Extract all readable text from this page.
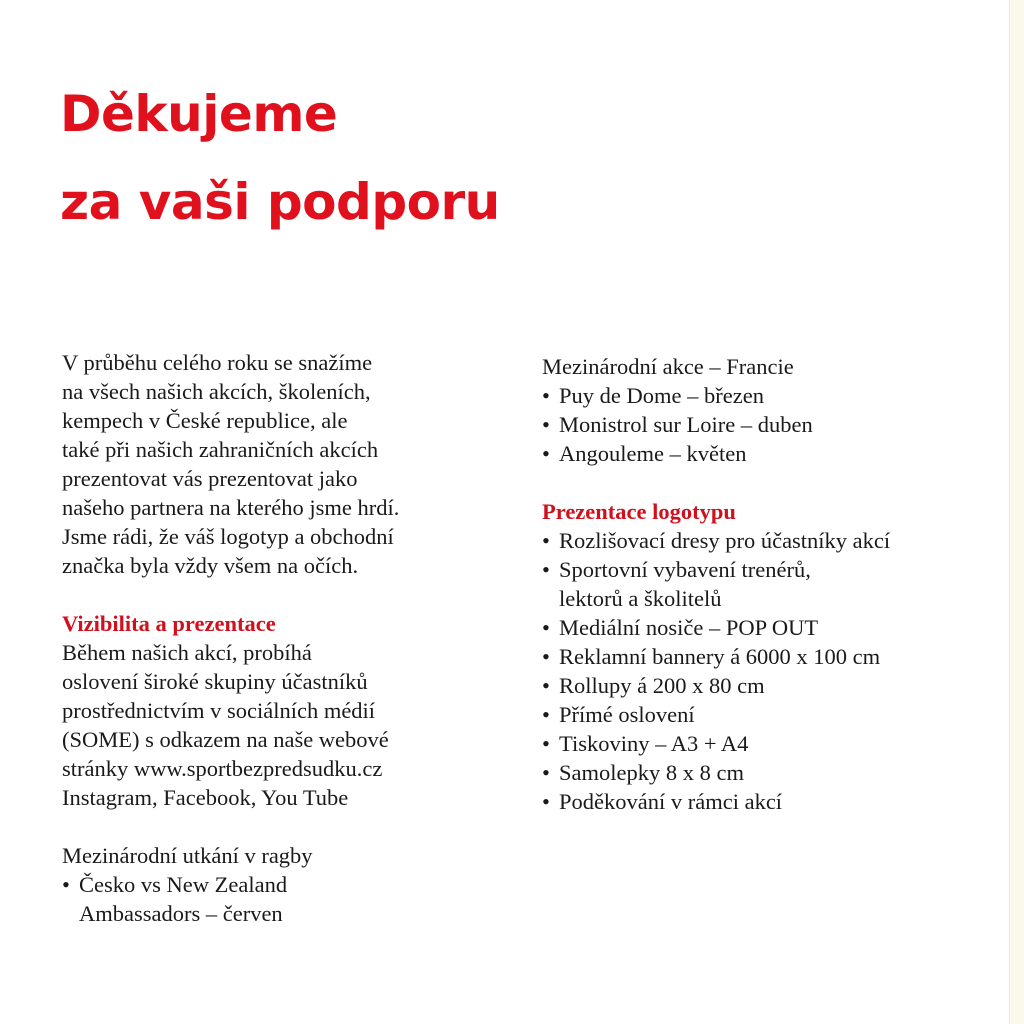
Děkujeme
za vaši podporu
V průběhu celého roku se snažíme
na všech našich akcích, školeních,
kempech v České republice, ale
také při našich zahraničních akcích
prezentovat vás prezentovat jako
našeho partnera na kterého jsme hrdí.
Jsme rádi, že váš logotyp a obchodní
značka byla vždy všem na očích.
Vizibilita a prezentace
Během našich akcí, probíhá
oslovení široké skupiny účastníků
prostřednictvím v sociálních médií
(SOME) s odkazem na naše webové
stránky www.sportbezpredsudku.cz
Instagram, Facebook, You Tube
Mezinárodní utkání v ragby
• Česko vs New Zealand
Ambassadors – červen
Mezinárodní akce – Francie
• Puy de Dome – březen
• Monistrol sur Loire – duben
• Angouleme – květen
Prezentace logotypu
• Rozlišovací dresy pro účastníky akcí
• Sportovní vybavení trenérů,
lektorů a školitelů
• Mediální nosiče – POP OUT
• Reklamní bannery á 6000 x 100 cm
• Rollupy á 200 x 80 cm
• Přímé oslovení
• Tiskoviny – A3 + A4
• Samolepky 8 x 8 cm
• Poděkování v rámci akcí
